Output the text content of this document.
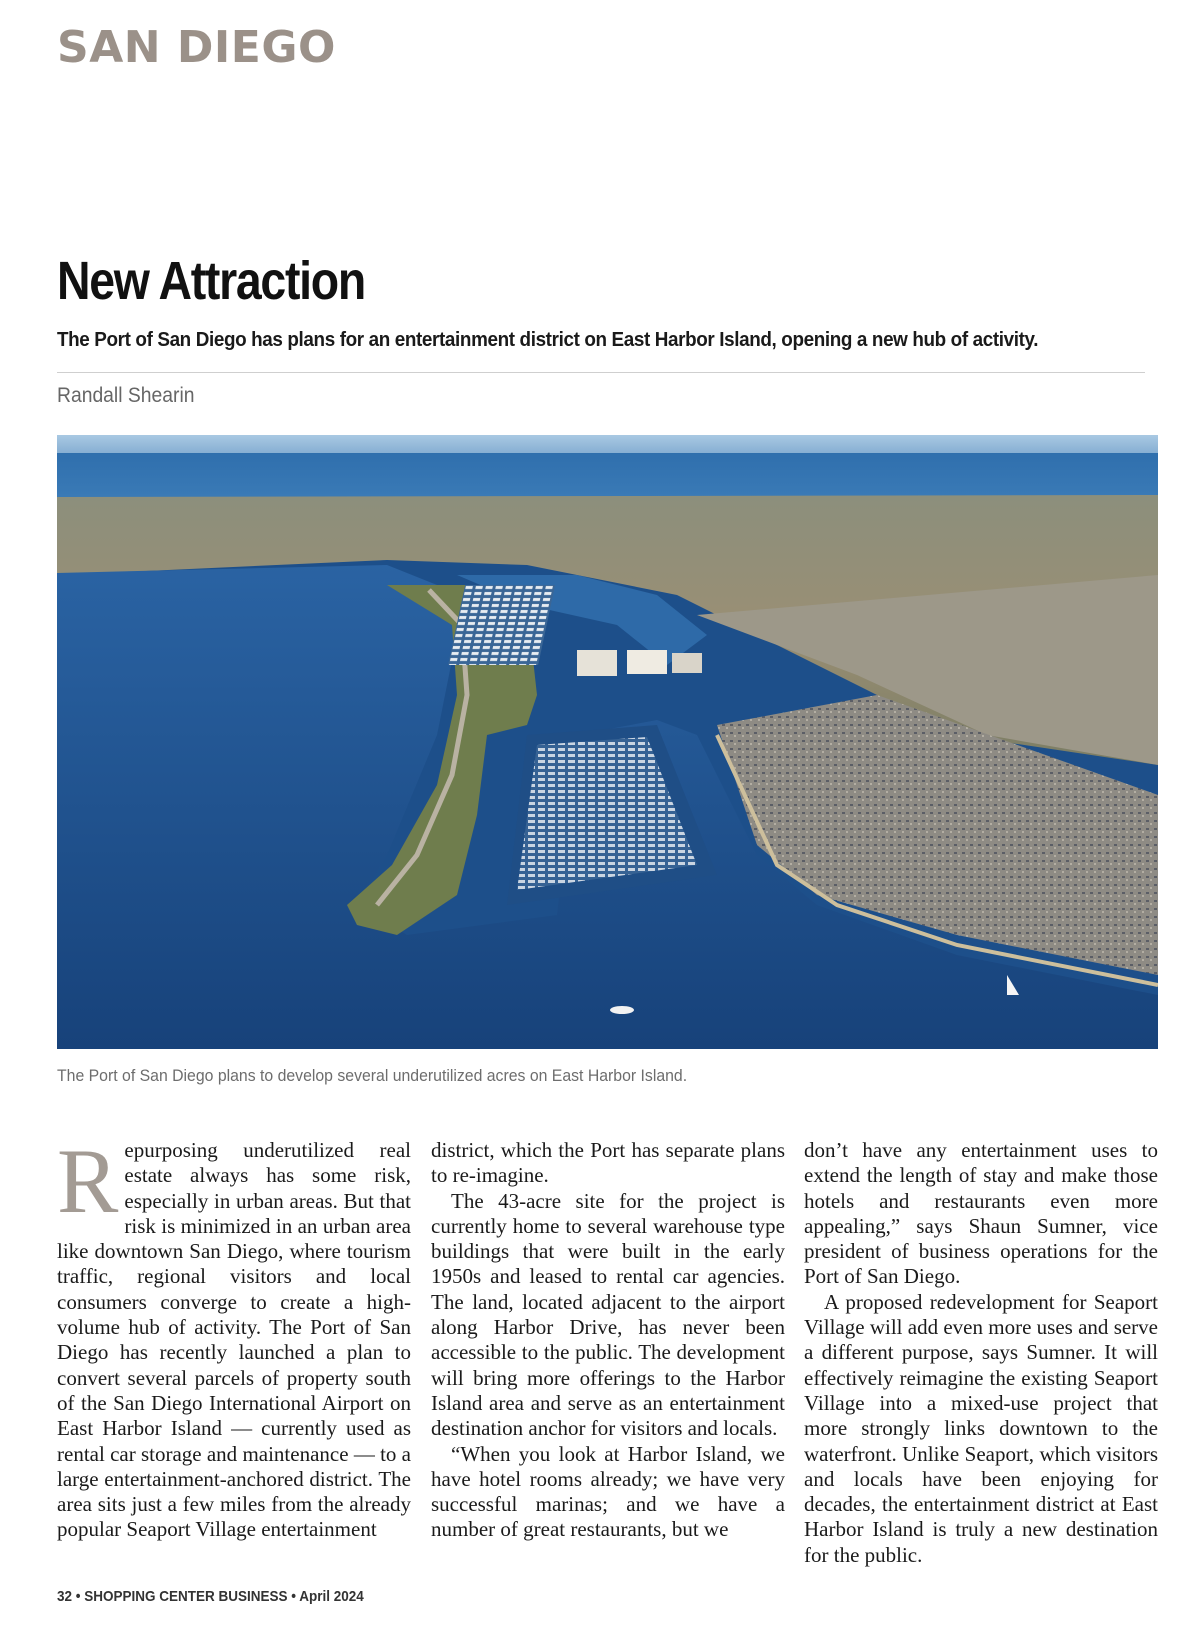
SAN DIEGO
New Attraction

The Port of San Diego has plans for an entertainment district on East Harbor Island, opening a new hub of activity.

Randall Shearin

The Port of San Diego plans to develop several underutilized acres on East Harbor Island.

R epurposing underutilized real estate always has some risk, especially in urban areas. But that risk is minimized in an urban area like downtown San Diego, where tourism traffic, regional visitors and local consumers converge to create a high-volume hub of activity. The Port of San Diego has recently launched a plan to convert several parcels of property south of the San Diego International Airport on East Harbor Island — currently used as rental car storage and maintenance — to a large entertainment-anchored district. The area sits just a few miles from the already popular Seaport Village entertainment

district, which the Port has separate plans to re-imagine.

The 43-acre site for the project is currently home to several warehouse type buildings that were built in the early 1950s and leased to rental car agencies. The land, located adjacent to the airport along Harbor Drive, has never been accessible to the public. The development will bring more offerings to the Harbor Island area and serve as an entertainment destination anchor for visitors and locals.

“When you look at Harbor Island, we have hotel rooms already; we have very successful marinas; and we have a number of great restaurants, but we

don’t have any entertainment uses to extend the length of stay and make those hotels and restaurants even more appealing,” says Shaun Sumner, vice president of business operations for the Port of San Diego.

A proposed redevelopment for Seaport Village will add even more uses and serve a different purpose, says Sumner. It will effectively reimagine the existing Seaport Village into a mixed-use project that more strongly links downtown to the waterfront. Unlike Seaport, which visitors and locals have been enjoying for decades, the entertainment district at East Harbor Island is truly a new destination for the public.

32 • SHOPPING CENTER BUSINESS • April 2024
